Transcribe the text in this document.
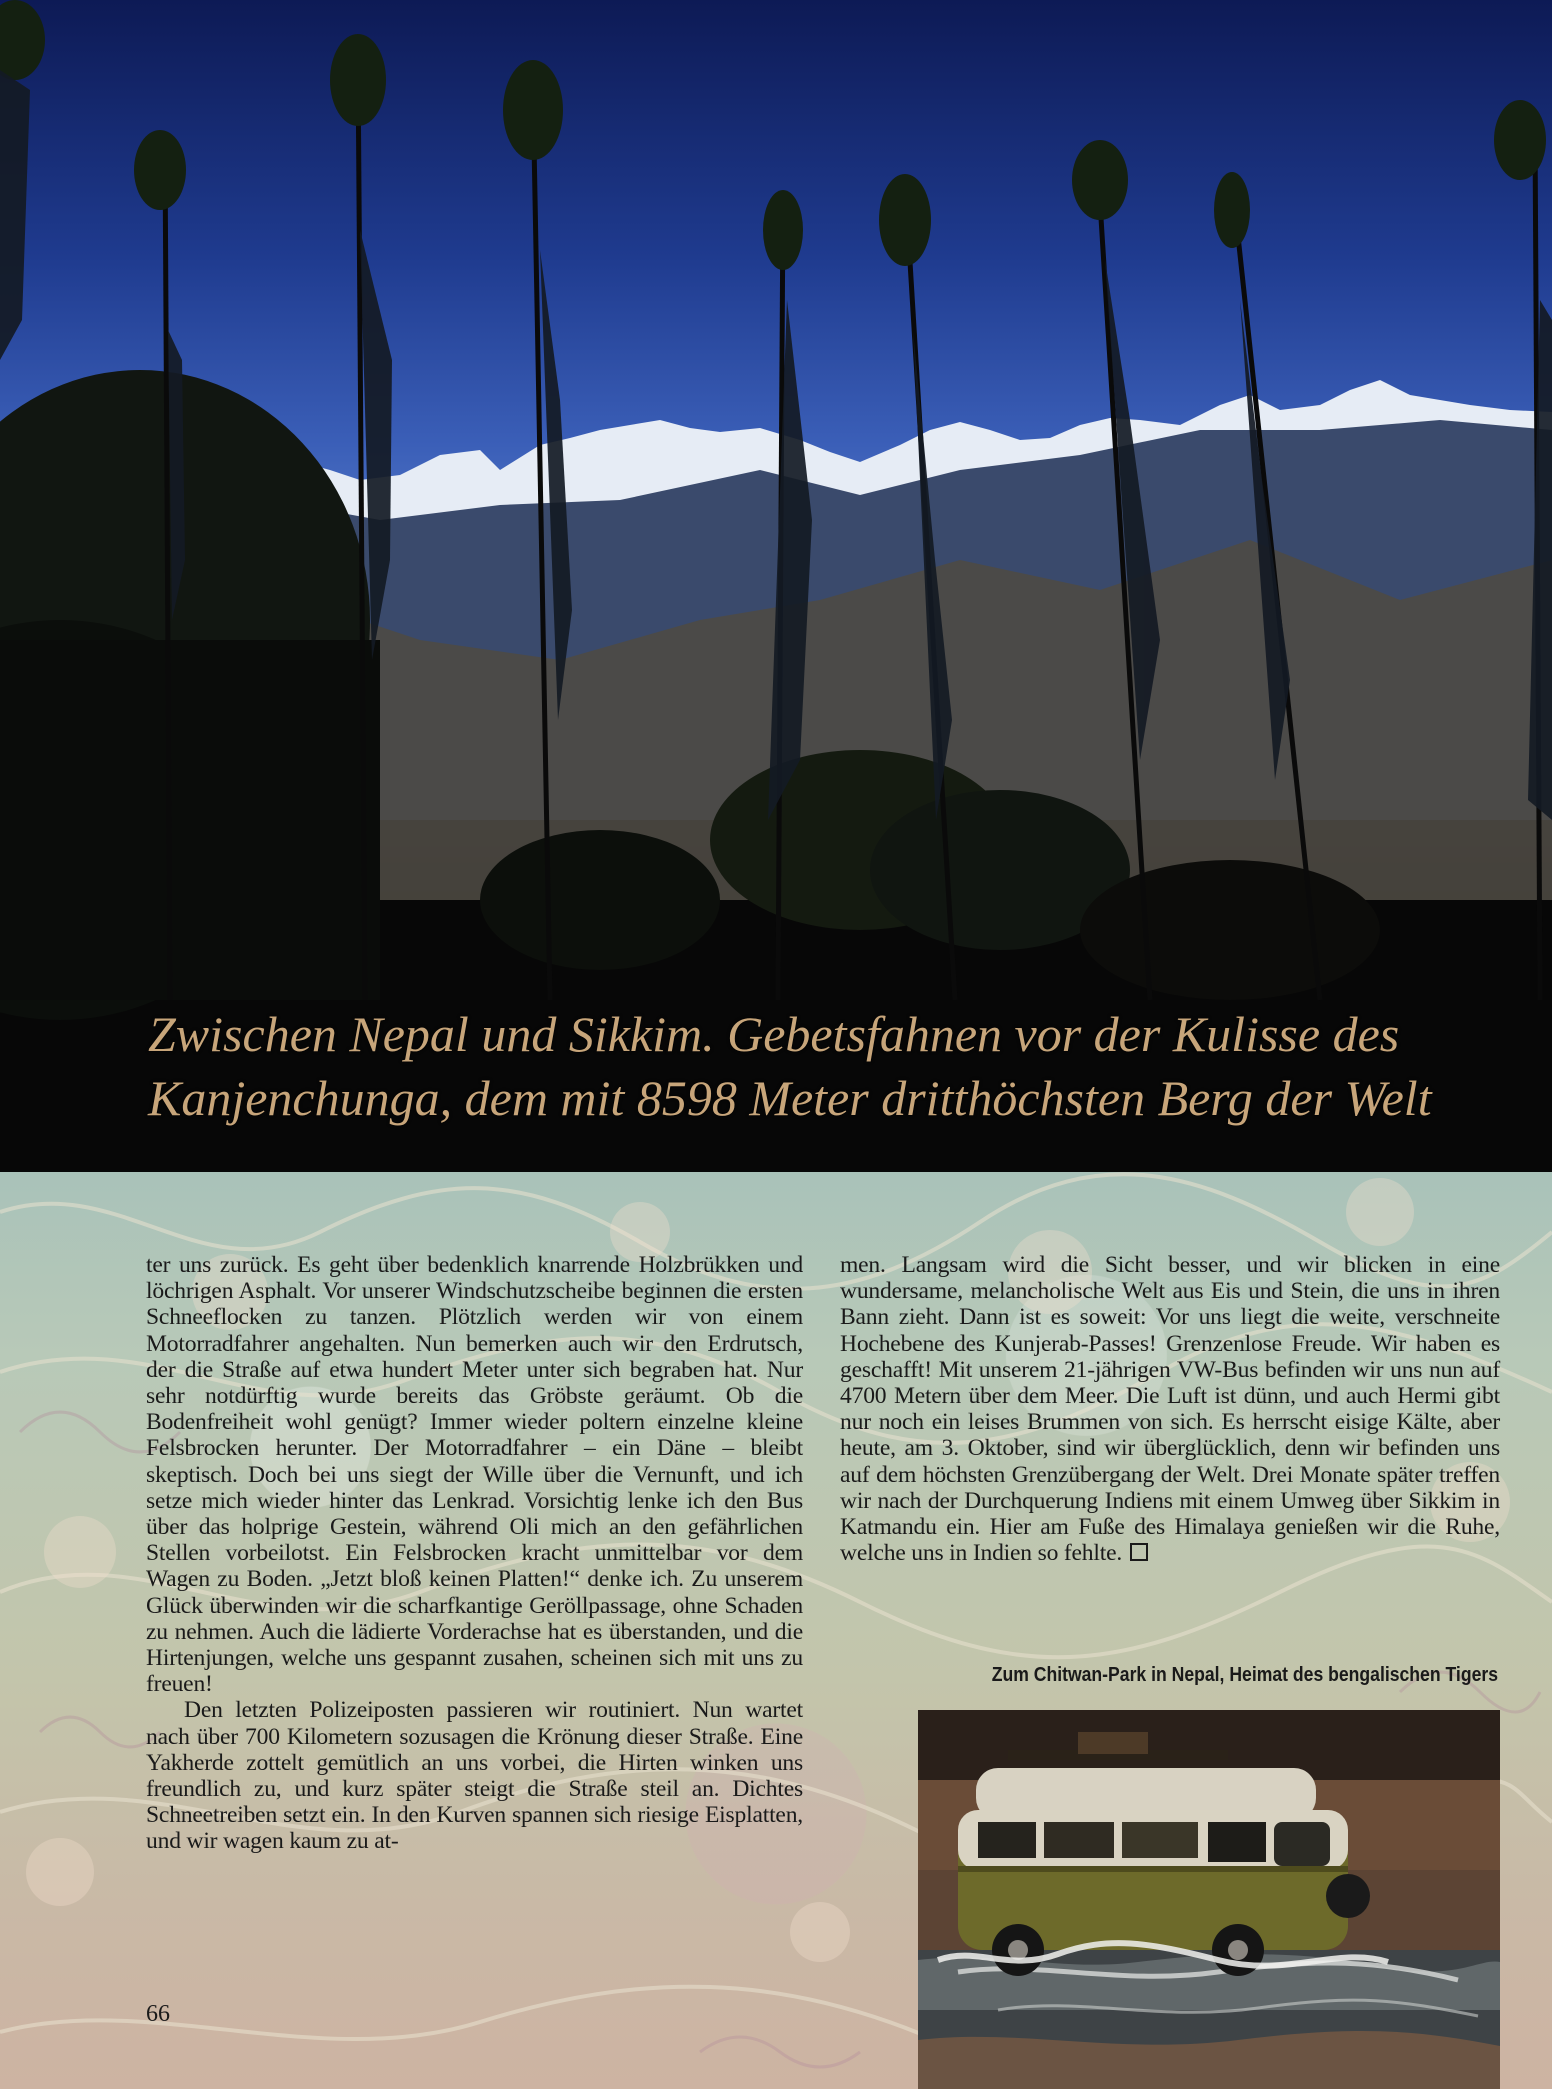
Zwischen Nepal und Sikkim. Gebetsfahnen vor der Kulisse des
Kanjenchunga, dem mit 8598 Meter dritthöchsten Berg der Welt

ter uns zurück. Es geht über bedenklich knarrende Holzbrükken und löchrigen Asphalt. Vor unserer Windschutzscheibe beginnen die ersten Schneeflocken zu tanzen. Plötzlich werden wir von einem Motorradfahrer angehalten. Nun bemerken auch wir den Erdrutsch, der die Straße auf etwa hundert Meter unter sich begraben hat. Nur sehr notdürftig wurde bereits das Gröbste geräumt. Ob die Bodenfreiheit wohl genügt? Immer wieder poltern einzelne kleine Felsbrocken herunter. Der Motorradfahrer – ein Däne – bleibt skeptisch. Doch bei uns siegt der Wille über die Vernunft, und ich setze mich wieder hinter das Lenkrad. Vorsichtig lenke ich den Bus über das holprige Gestein, während Oli mich an den gefährlichen Stellen vorbeilotst. Ein Felsbrocken kracht unmittelbar vor dem Wagen zu Boden. „Jetzt bloß keinen Platten!“ denke ich. Zu unserem Glück überwinden wir die scharfkantige Geröllpassage, ohne Schaden zu nehmen. Auch die lädierte Vorderachse hat es überstanden, und die Hirtenjungen, welche uns gespannt zusahen, scheinen sich mit uns zu freuen!

Den letzten Polizeiposten passieren wir routiniert. Nun wartet nach über 700 Kilometern sozusagen die Krönung dieser Straße. Eine Yakherde zottelt gemütlich an uns vorbei, die Hirten winken uns freundlich zu, und kurz später steigt die Straße steil an. Dichtes Schneetreiben setzt ein. In den Kurven spannen sich riesige Eisplatten, und wir wagen kaum zu at-

men. Langsam wird die Sicht besser, und wir blicken in eine wundersame, melancholische Welt aus Eis und Stein, die uns in ihren Bann zieht. Dann ist es soweit: Vor uns liegt die weite, verschneite Hochebene des Kunjerab-Passes! Grenzenlose Freude. Wir haben es geschafft! Mit unserem 21-jährigen VW-Bus befinden wir uns nun auf 4700 Metern über dem Meer. Die Luft ist dünn, und auch Hermi gibt nur noch ein leises Brummen von sich. Es herrscht eisige Kälte, aber heute, am 3. Oktober, sind wir überglücklich, denn wir befinden uns auf dem höchsten Grenzübergang der Welt. Drei Monate später treffen wir nach der Durchquerung Indiens mit einem Umweg über Sikkim in Katmandu ein. Hier am Fuße des Himalaya genießen wir die Ruhe, welche uns in Indien so fehlte.

Zum Chitwan-Park in Nepal, Heimat des bengalischen Tigers
66
